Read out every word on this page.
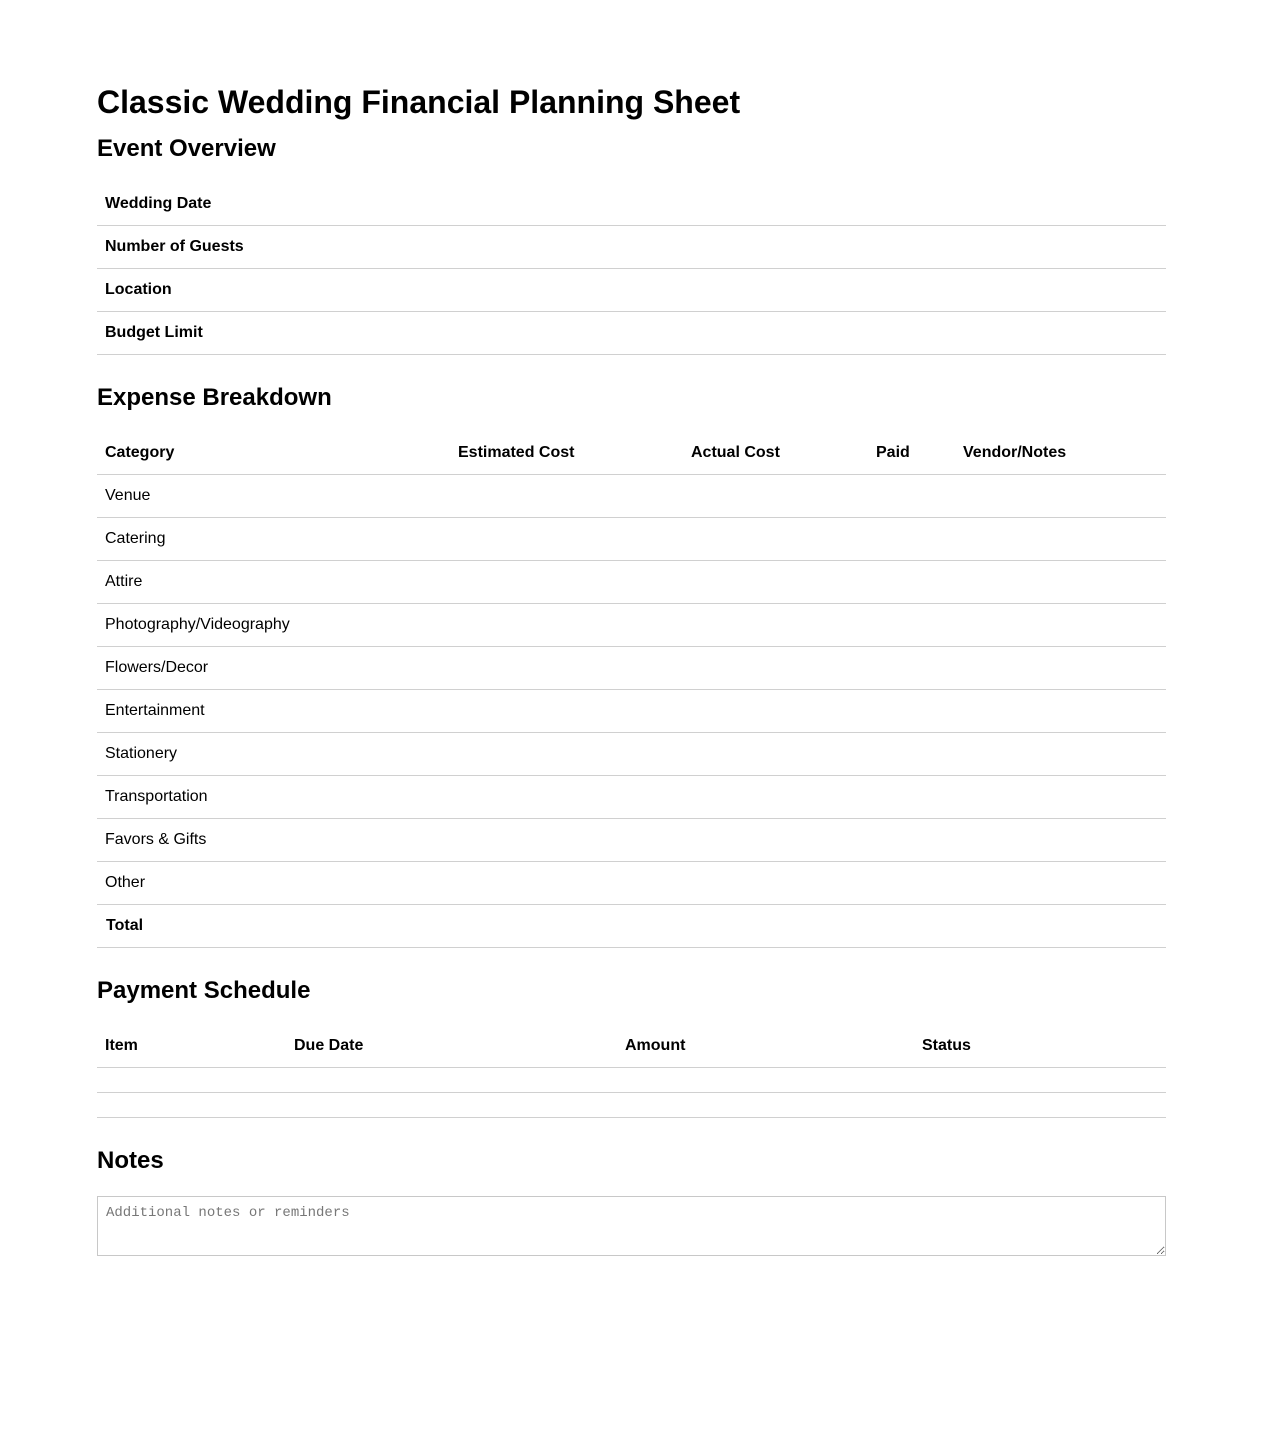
Classic Wedding Financial Planning Sheet
Event Overview
Wedding Date	
Number of Guests	
Location	
Budget Limit	
Expense Breakdown
Category	Estimated Cost	Actual Cost	Paid	Vendor/Notes
Venue				
Catering				
Attire				
Photography/Videography				
Flowers/Decor				
Entertainment				
Stationery				
Transportation				
Favors & Gifts				
Other				
Total				
Payment Schedule
Item	Due Date	Amount	Status

Notes
Additional notes or reminders
